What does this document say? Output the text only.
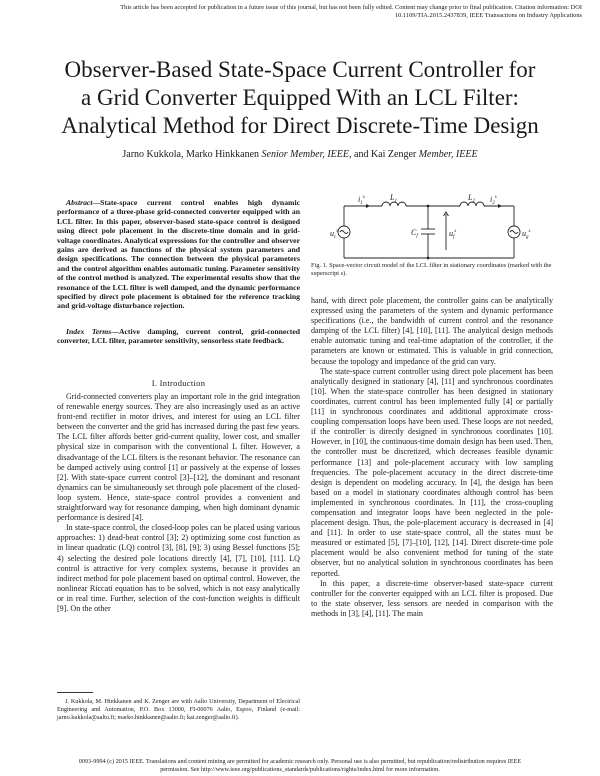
This article has been accepted for publication in a future issue of this journal, but has not been fully edited. Content may change prior to final publication. Citation information: DOI
10.1109/TIA.2015.2437839, IEEE Transactions on Industry Applications
Observer-Based State-Space Current Controller for
a Grid Converter Equipped With an LCL Filter:
Analytical Method for Direct Discrete-Time Design
Jarno Kukkola, Marko Hinkkanen Senior Member, IEEE, and Kai Zenger Member, IEEE

Abstract—State-space current control enables high dynamic performance of a three-phase grid-connected converter equipped with an LCL filter. In this paper, observer-based state-space control is designed using direct pole placement in the discrete-time domain and in grid-voltage coordinates. Analytical expressions for the controller and observer gains are derived as functions of the physical system parameters and design specifications. The connection between the physical parameters and the control algorithm enables automatic tuning. Parameter sensitivity of the control method is analyzed. The experimental results show that the resonance of the LCL filter is well damped, and the dynamic performance specified by direct pole placement is obtained for the reference tracking and grid-voltage disturbance rejection.

Index Terms—Active damping, current control, grid-connected converter, LCL filter, parameter sensitivity, sensorless state feedback.

I. Introduction

Grid-connected converters play an important role in the grid integration of renewable energy sources. They are also increasingly used as an active front-end rectifier in motor drives, and interest for using an LCL filter between the converter and the grid has increased during the past few years. The LCL filter affords better grid-current quality, lower cost, and smaller physical size in comparison with the conventional L filter. However, a disadvantage of the LCL filters is the resonant behavior. The resonance can be damped actively using control [1] or passively at the expense of losses [2]. With state-space current control [3]–[12], the dominant and resonant dynamics can be simultaneously set through pole placement of the closed-loop system. Hence, state-space control provides a convenient and straightforward way for resonance damping, when high dominant dynamic performance is desired [4].

In state-space control, the closed-loop poles can be placed using various approaches: 1) dead-beat control [3]; 2) optimizing some cost function as in linear quadratic (LQ) control [3], [8], [9]; 3) using Bessel functions [5]; 4) selecting the desired pole locations directly [4], [7], [10], [11]. LQ control is attractive for very complex systems, because it provides an indirect method for pole placement based on optimal control. However, the nonlinear Riccati equation has to be solved, which is not easy analytically or in real time. Further, selection of the cost-function weights is difficult [9]. On the other

J. Kukkola, M. Hinkkanen and K. Zenger are with Aalto University, Department of Electrical Engineering and Automation, P.O. Box 13000, FI-00076 Aalto, Espoo, Finland (e-mail: jarno.kukkola@aalto.fi; marko.hinkkanen@aalto.fi; kai.zenger@aalto.fi).
$i_1^s$	$L_1$	$i_2^s$
$L_2$
$u_c^s$	$C_f$	$u_f^s$	$u_g^s$
Fig. 1. Space-vector circuit model of the LCL filter in stationary coordinates (marked with the superscript s).

hand, with direct pole placement, the controller gains can be analytically expressed using the parameters of the system and dynamic performance specifications (i.e., the bandwidth of current control and the resonance damping of the LCL filter) [4], [10], [11]. The analytical design methods enable automatic tuning and real-time adaptation of the controller, if the parameters are known or estimated. This is valuable in grid connection, because the topology and impedance of the grid can vary.

The state-space current controller using direct pole placement has been analytically designed in stationary [4], [11] and synchronous coordinates [10]. When the state-space controller has been designed in stationary coordinates, current control has been implemented fully [4] or partially [11] in synchronous coordinates and additional approximate cross-coupling compensation loops have been used. These loops are not needed, if the controller is directly designed in synchronous coordinates [10]. However, in [10], the continuous-time domain design has been used. Then, the controller must be discretized, which decreases feasible dynamic performance [13] and pole-placement accuracy with low sampling frequencies. The pole-placement accuracy in the direct discrete-time design is dependent on modeling accuracy. In [4], the design has been based on a model in stationary coordinates although control has been implemented in synchronous coordinates. In [11], the cross-coupling compensation and integrator loops have been neglected in the pole-placement design. Thus, the pole-placement accuracy is decreased in [4] and [11]. In order to use state-space control, all the states must be measured or estimated [5], [7]–[10], [12], [14]. Direct discrete-time pole placement would be also convenient method for tuning of the state observer, but no analytical solution in synchronous coordinates has been reported.

In this paper, a discrete-time observer-based state-space current controller for the converter equipped with an LCL filter is proposed. Due to the state observer, less sensors are needed in comparison with the methods in [3], [4], [11]. The main

0093-9994 (c) 2015 IEEE. Translations and content mining are permitted for academic research only. Personal use is also permitted, but republication/redistribution requires IEEE
permission. See http://www.ieee.org/publications_standards/publications/rights/index.html for more information.
